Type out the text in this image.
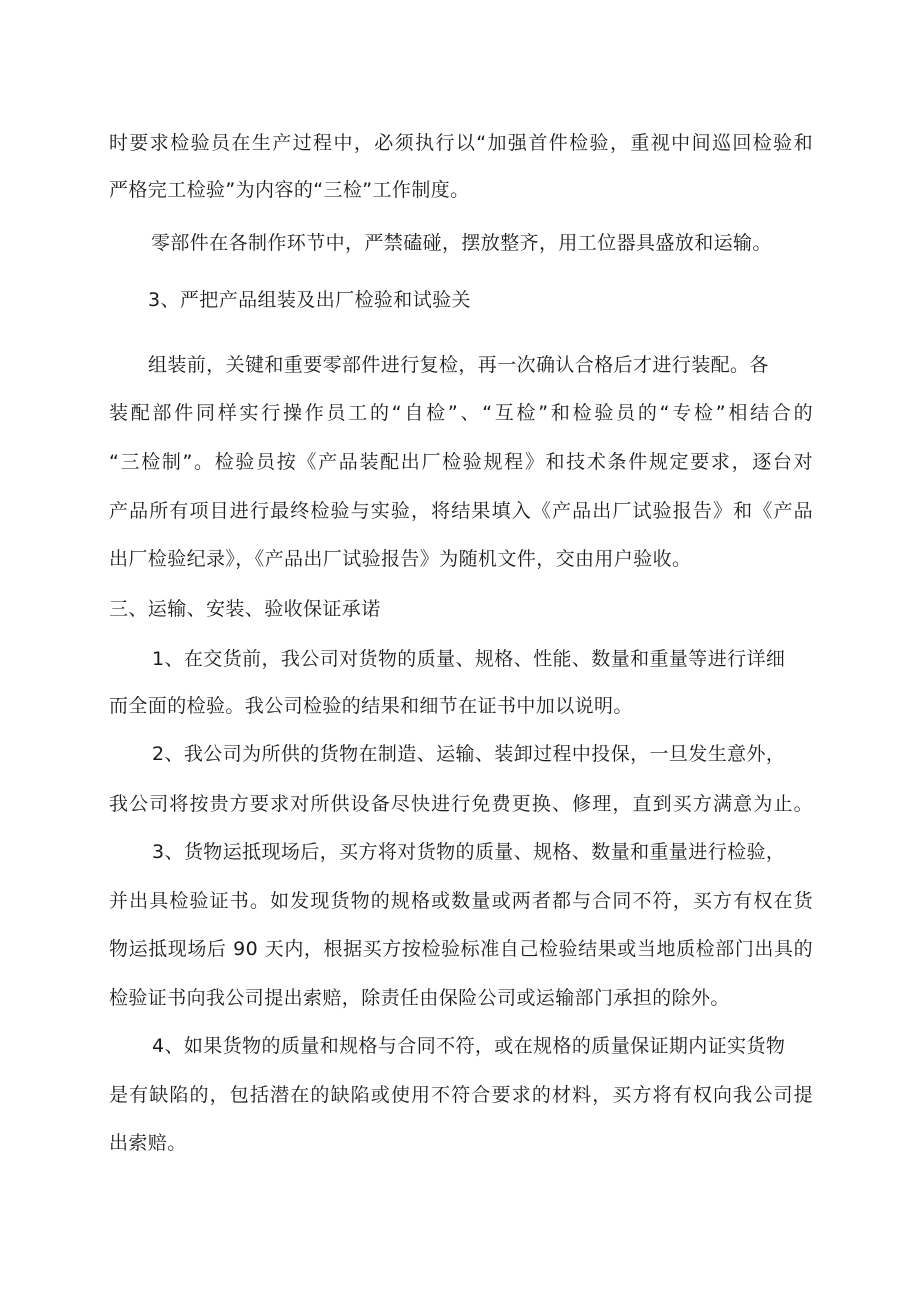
时要求检验员在生产过程中，必须执行以“加强首件检验，重视中间巡回检验和
严格完工检验”为内容的“三检”工作制度。
零部件在各制作环节中，严禁磕碰，摆放整齐，用工位器具盛放和运输。
3、严把产品组装及出厂检验和试验关
组装前，关键和重要零部件进行复检，再一次确认合格后才进行装配。各
装配部件同样实行操作员工的“自检”、“互检”和检验员的“专检”相结合的
“三检制”。检验员按《产品装配出厂检验规程》和技术条件规定要求，逐台对
产品所有项目进行最终检验与实验，将结果填入《产品出厂试验报告》和《产品
出厂检验纪录》，《产品出厂试验报告》为随机文件，交由用户验收。
三、运输、安装、验收保证承诺
1、在交货前，我公司对货物的质量、规格、性能、数量和重量等进行详细
而全面的检验。我公司检验的结果和细节在证书中加以说明。
2、我公司为所供的货物在制造、运输、装卸过程中投保，一旦发生意外，
我公司将按贵方要求对所供设备尽快进行免费更换、修理，直到买方满意为止。
3、货物运抵现场后，买方将对货物的质量、规格、数量和重量进行检验，
并出具检验证书。如发现货物的规格或数量或两者都与合同不符，买方有权在货
物运抵现场后 90 天内，根据买方按检验标准自己检验结果或当地质检部门出具的
检验证书向我公司提出索赔，除责任由保险公司或运输部门承担的除外。
4、如果货物的质量和规格与合同不符，或在规格的质量保证期内证实货物
是有缺陷的，包括潜在的缺陷或使用不符合要求的材料，买方将有权向我公司提
出索赔。
